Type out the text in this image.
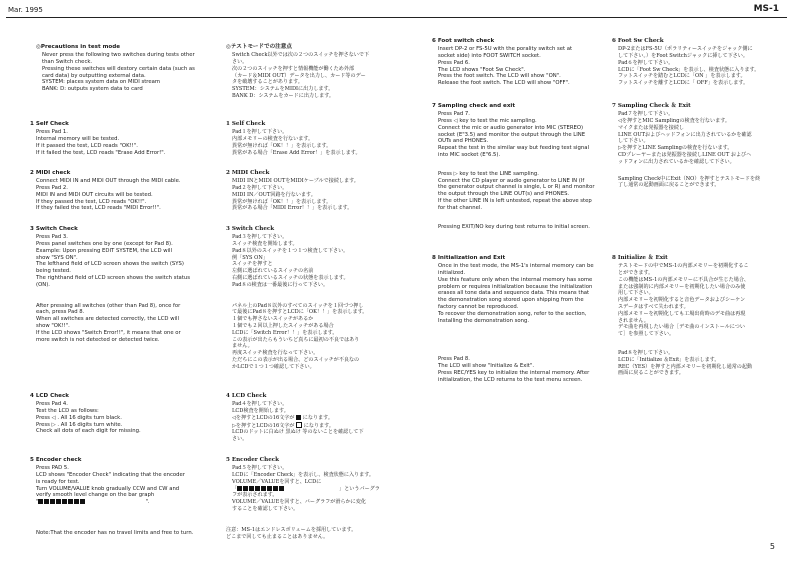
Mar. 1995	MS-1
◎Precautions in test mode

Never press the following two switches during tests other

than Switch check.

Pressing these switches will destory certain data (such as

card data) by outputting external data.

SYSTEM: places system data on MIDI stream

BANK: D: outputs system data to card

◎テストモードでの注意点

Switch Check以外では次の２つのスイッチを押さないで下

さい。

次の２つのスイッチを押すと情報機能が働くため外部

（カード＆MIDI OUT）データを出力し、カード等のデー

タを破壊することがあります。

SYSTEM：システムをMIDIに出力します。

BANK D：システムをカードに出力します。

1 Self Check

Press Pad 1.

Internal memory will be tested.

If it passed the test, LCD reads "OK!!".

If it failed the test, LCD reads "Erase Add Error!".

1 Self Check

Pad１を押して下さい。

内部メモリーの検査を行ないます。

異常が無ければ「OK！！」を表示します。

異常がある場合「Erase Add Error！」を表示します。

2 MIDI check

Connect MIDI IN and MIDI OUT through the MIDI cable.

Press Pad 2.

MIDI IN and MIDI OUT circuits will be tested.

If they passed the test, LCD reads "OK!!".

If they failed the test, LCD reads "MIDI Error!!".

2 MIDI Check

MIDI INとMIDI OUTをMIDIケーブルで接続します。

Pad２を押して下さい。

MIDI IN／OUT回路を行ないます。

異常が無ければ「OK！！」を表示します。

異常がある場合「MIDI Error！！」を表示します。

3 Switch Check

Press Pad 3.

Press panel switches one by one (except for Pad 8).

Example: Upon pressing EDIT SYSTEM, the LCD will

show "SYS ON".

The lefthand field of LCD screen shows the switch (SYS)

being tested.

The righthand field of LCD screen shows the switch status

(ON).

After pressing all switches (other than Pad 8), once for

each, press Pad 8.

When all switches are detected correctly, the LCD will

show "OK!!".

If the LCD shows "Switch Error!!", it means that one or

more switch is not detected or detected twice.

3 Switch Check

Pad３を押して下さい。

スイッチ検査を開始します。

Pad８以外のスイッチを１つ１つ検査して下さい。

例「SYS ON」

スイッチを押すと

左側に選ばれているスイッチの名前

右側に選ばれているスイッチの状態を表示します。

Pad８の検査は一番最後に行って下さい。

パネル上のPad８以外のすべてのスイッチを１回づつ押し

て最後にPad８を押すとLCDに「OK！！」を表示します。

１個でも押さないスイッチがあるか

１個でも２回以上押したスイッチがある場合

LCDに「Switch Error！！」を表示します。

この表示が出たらもういちど真ちに最初の不良ではあり

ません。

再度スイッチ検査を行なって下さい。

ただちにこの表示が出る場合、どのスイッチが不良なの

かLCDで１つ１つ確認して下さい。

4 LCD Check

Press Pad 4.

Test the LCD as follows:

Press ◁ . All 16 digits turn black.

Press ▷ . All 16 digits turn white.

Check all dots of each digit for missing.

4 LCD Check

Pad４を押して下さい。

LCD検査を開始します。

◁を押すとLCDの16文字が になります。

▷を押すとLCDの16文字が になります。

LCDのドットに白ぬけ 黒ぬけ 等のないことを確認して下

さい。

5 Encoder check

Press PAD 5.

LCD shows "Encoder Check" indicating that the encoder

is ready for test.

Turn VOLUME/VALUE knob gradually CCW and CW and

verify smooth level change on the bar graph

"	".

5 Encoder Check

Pad５を押して下さい。

LCDに「Encoder Check」を表示し、検査状態に入ります。

VOLUME／VALUEを回すと、LCDに

「	」というバーグラ

フが表示されます。

VOLUME／VALUEを回すと、バーグラフが滑らかに変化

することを確認して下さい。

Note:That the encoder has no travel limits and free to turn.	注意：MS-1はエンドレスボリュームを採用しています。

どこまで回しても止まることはありません。

6 Foot switch check

Insert DP-2 or FS-5U with the porality switch set at

socket side) into FOOT SWITCH socket.

Press Pad 6.

The LCD shows "Foot Sw Check".

Press the foot switch. The LCD will show "ON".

Release the foot switch. The LCD will show "OFF".

6 Foot Sw Check

DP-2またはFS-5U（ポラリティースイッチをジャック側に

して下さい。）をFoot Switchジャックに挿して下さい。

Pad６を押して下さい。

LCDに「Foot Sw Check」を表示し、検査状態に入ります。

フットスイッチを踏むとLCDに「ON 」を表示します。

フットスイッチを離すとLCDに「 OFF」を表示します。

7 Sampling check and exit

Press Pad 7.

Press ◁ key to test the mic sampling.

Connect the mic or audio generator into MIC (STEREO)

socket (E"3.5) and monitor the output through the LINE

OUTs and PHONES.

Repeat the test in the similar way but feeding test signal

into MIC socket (E"6.5).

Press ▷ key to test the LINE sampling.

Connect the CD player or audio generator to LINE IN (If

the generator output channel is single, L or R) and monitor

the output through the LINE OUT(s) and PHONES.

If the other LINE IN is left untested, repeat the above step

for that channel.

Pressing EXIT/NO key during test returns to initial screen.

7 Sampling Check ＆ Exit

Pad７を押して下さい。

◁を押すとMIC Samplingの検査を行ないます。

マイクまたは発振器を接続し

LINE OUTおよびヘッドフォンに出力されているかを確認

して下さい。

▷を押すとLINE Samplingの検査を行ないます。

CDプレーヤーまたは発振器を接続しLINE OUT およびヘ

ッドフォンに出力されているかを確認して下さい。

Sampling Check中にExit（NO）を押すとテストモードを終

了し通常の起動画面に戻ることができます。

8 Initialization and Exit

Once in the test mode, the MS-1's internal memory can be

initialized.

Use this feature only when the internal memory has some

problem or requires initialization because the initialization

erases all tone data and sequence data. This means that

the demonstration song stored upon shipping from the

factory cannot be reproduced.

To recover the demonstration song, refer to the section,

Installing the demonstration song.

Press Pad 8.

The LCD will show "Initialize & Exit".

Press REC/YES key to initialize the internal memory. After

initialization, the LCD returns to the test menu screen.

8 Initialize ＆ Exit

テストモードの中でMS-1の内部メモリーを初期化するこ

とができます。

この機能はMS-1の内部メモリーに不具合が生じた場合、

または強制的に内部メモリーを初期化したい場合のみ使

用して下さい。

内部メモリーを初期化すると音色データおよびシーケン

スデータはすべて失われます。

内部メモリーを初期化しても工場出荷時のデモ曲は再現

されません。

デモ曲を再現したい場合［デモ曲のインストールについ

て］を参照して下さい。

Pad８を押して下さい。

LCDに「Initialize ＆Exit」を表示します。

REC（YES）を押すと内部メモリーを初期化し通常の起動

画面に戻ることができます。

5
